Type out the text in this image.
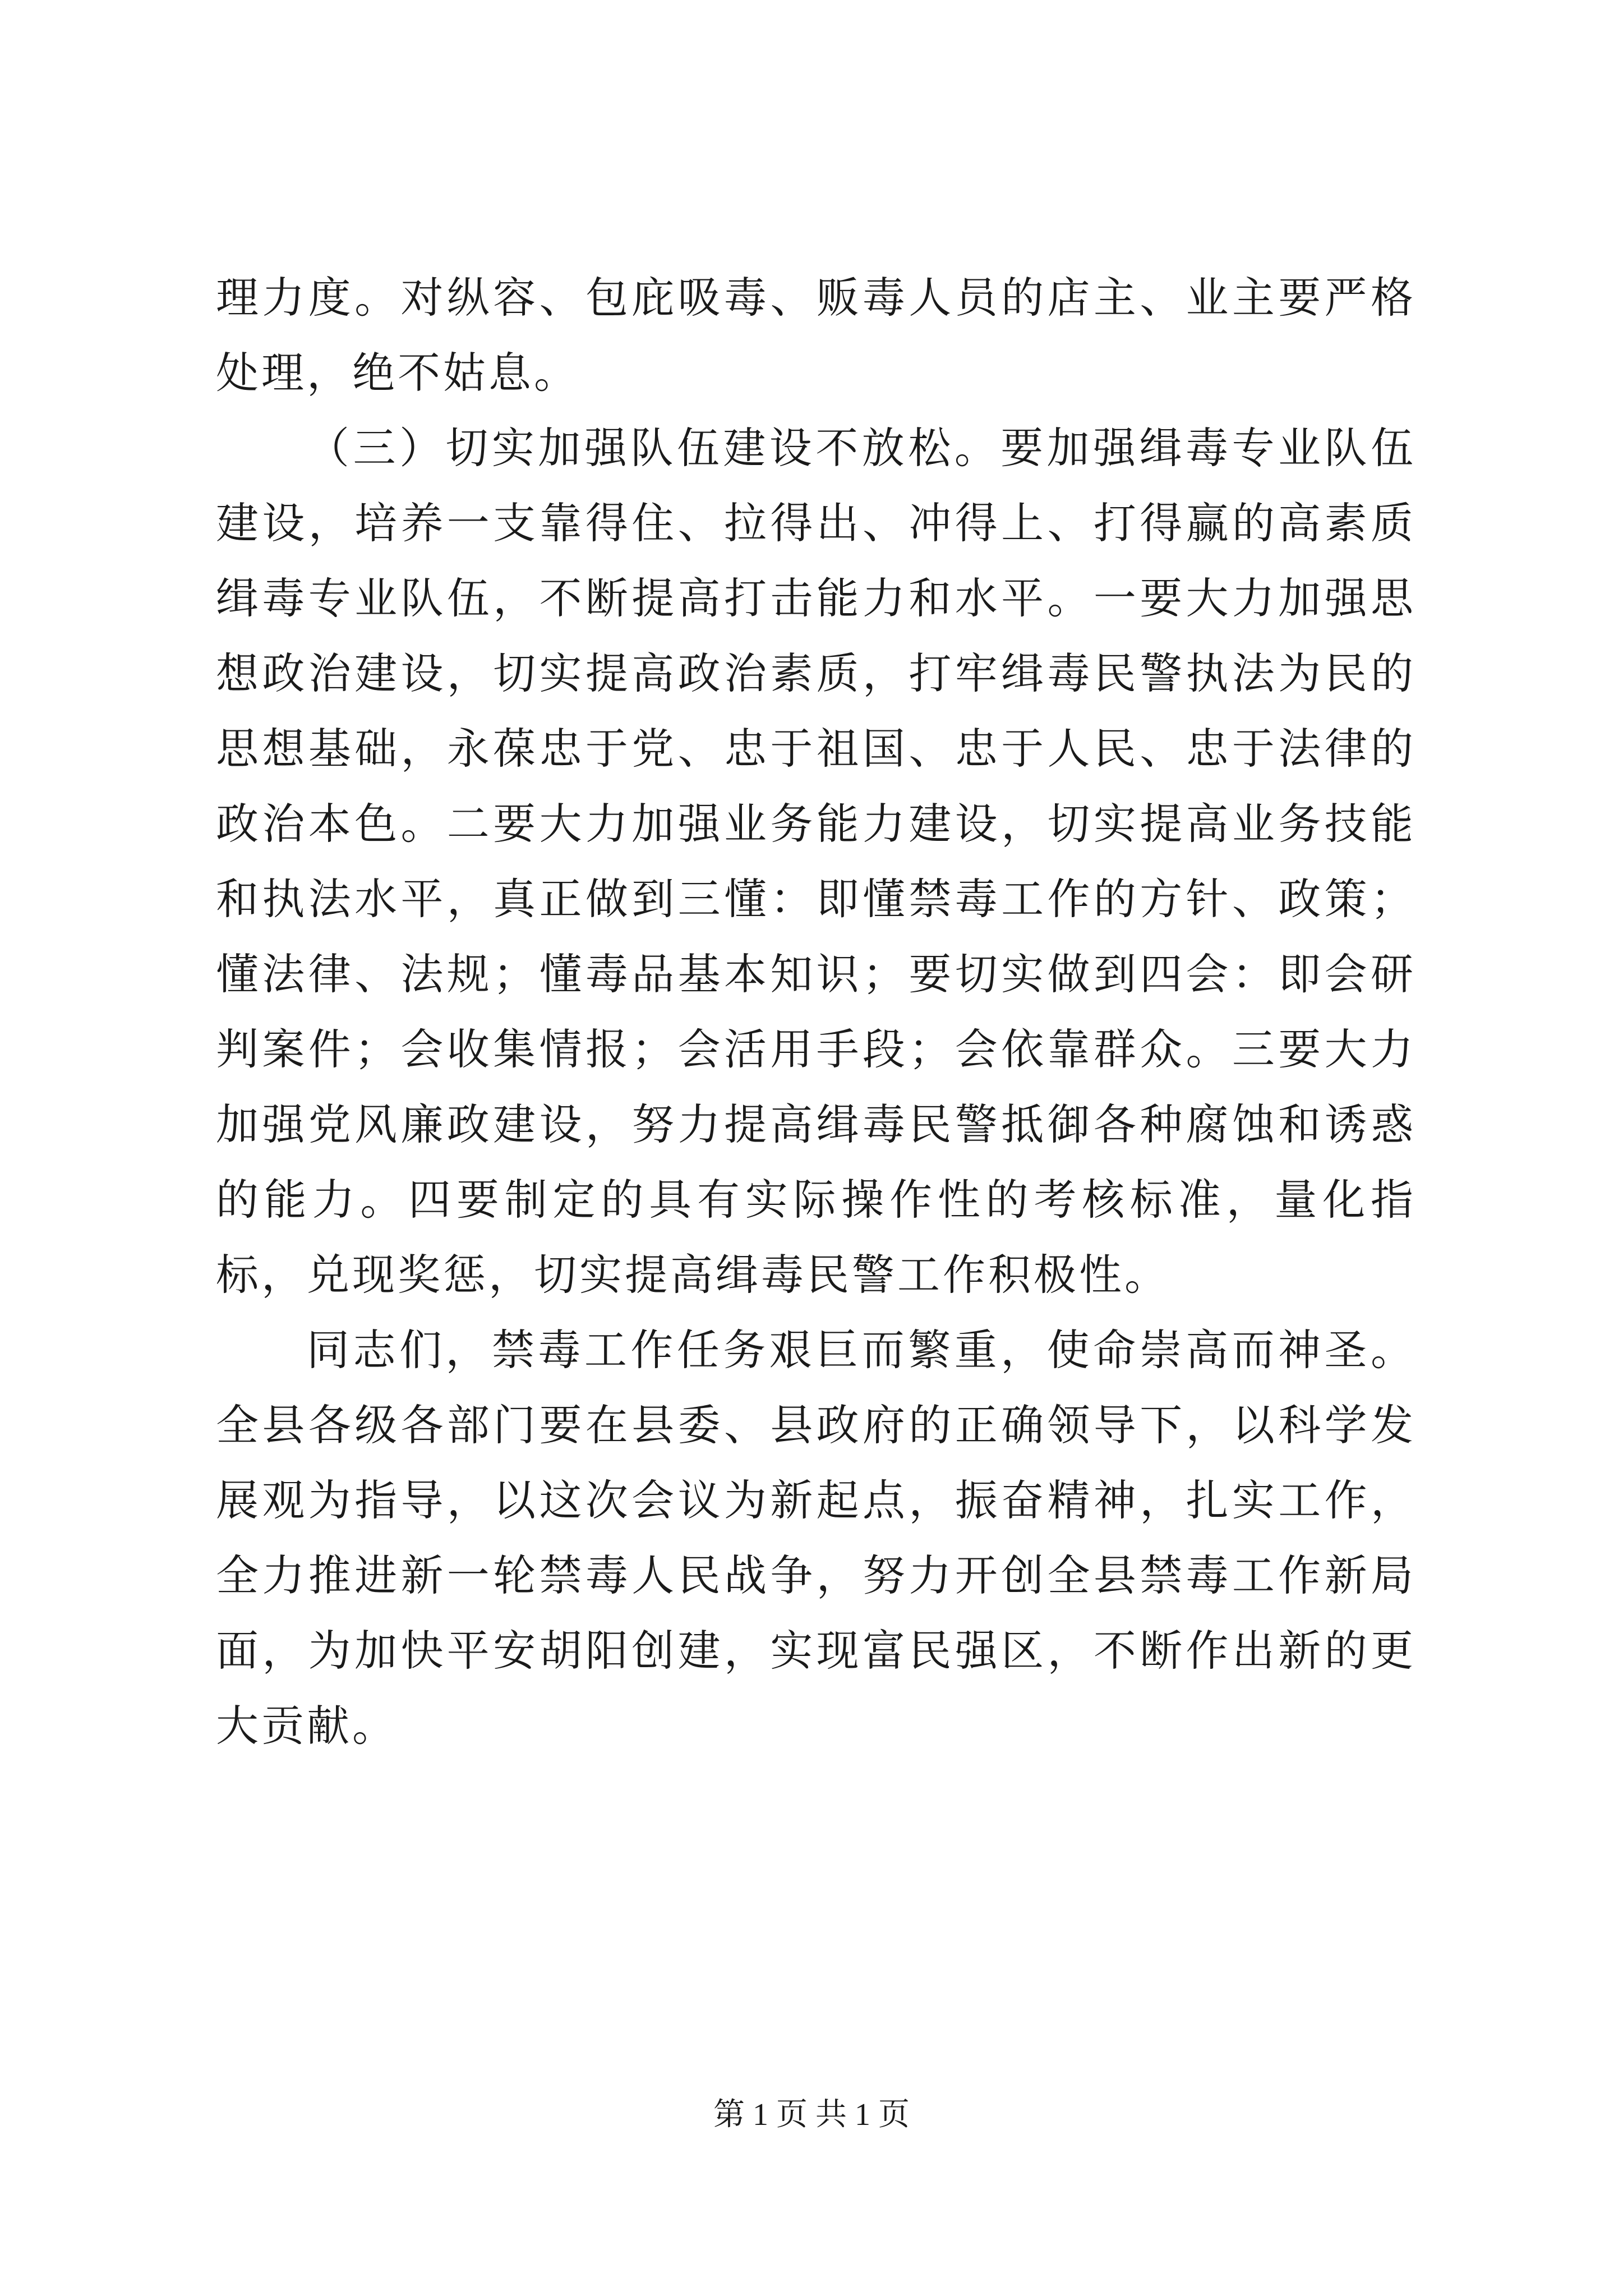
理力度。对纵容、包庇吸毒、贩毒人员的店主、业主要严格处理，绝不姑息。

（三）切实加强队伍建设不放松。要加强缉毒专业队伍建设，培养一支靠得住、拉得出、冲得上、打得赢的高素质缉毒专业队伍，不断提高打击能力和水平。一要大力加强思想政治建设，切实提高政治素质，打牢缉毒民警执法为民的思想基础，永葆忠于党、忠于祖国、忠于人民、忠于法律的政治本色。二要大力加强业务能力建设，切实提高业务技能和执法水平，真正做到三懂：即懂禁毒工作的方针、政策；懂法律、法规；懂毒品基本知识；要切实做到四会：即会研判案件；会收集情报；会活用手段；会依靠群众。三要大力加强党风廉政建设，努力提高缉毒民警抵御各种腐蚀和诱惑的能力。四要制定的具有实际操作性的考核标准，量化指标，兑现奖惩，切实提高缉毒民警工作积极性。

同志们，禁毒工作任务艰巨而繁重，使命崇高而神圣。全县各级各部门要在县委、县政府的正确领导下，以科学发展观为指导，以这次会议为新起点，振奋精神，扎实工作，全力推进新一轮禁毒人民战争，努力开创全县禁毒工作新局面，为加快平安胡阳创建，实现富民强区，不断作出新的更大贡献。

第 1 页 共 1 页
